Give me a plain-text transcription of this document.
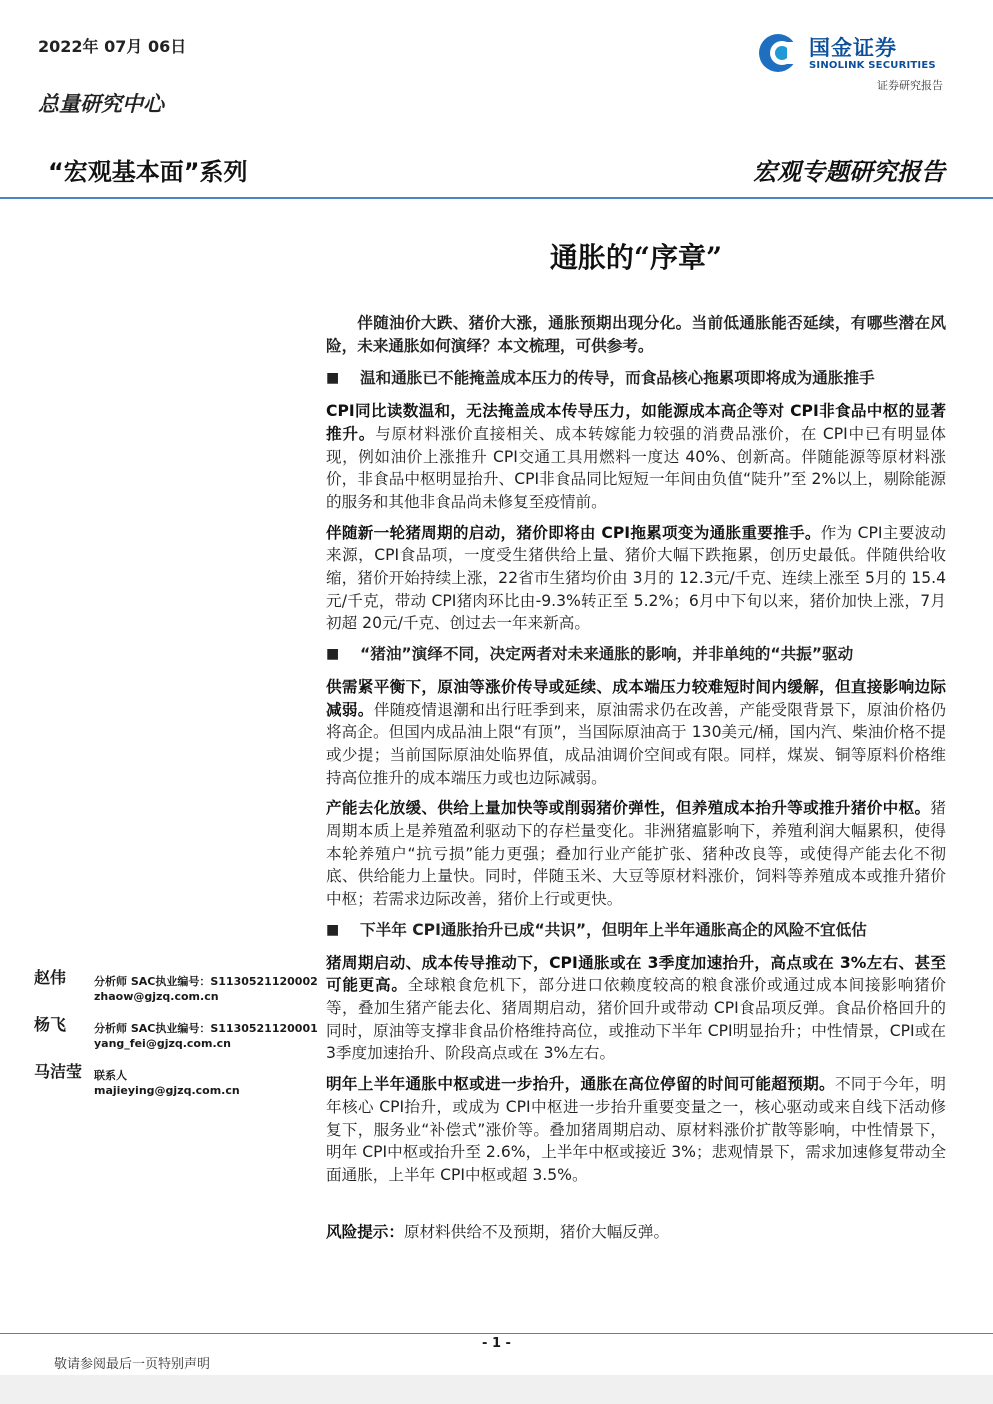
2022年 07月 06日
总量研究中心
“宏观基本面”系列	宏观专题研究报告
国金证券
SINOLINK SECURITIES
证券研究报告
通胀的“序章”

伴随油价大跌、猪价大涨，通胀预期出现分化。当前低通胀能否延续，有哪些潜在风险，未来通胀如何演绎？本文梳理，可供参考。

■	温和通胀已不能掩盖成本压力的传导，而食品核心拖累项即将成为通胀推手

CPI同比读数温和，无法掩盖成本传导压力，如能源成本高企等对 CPI非食品中枢的显著推升。与原材料涨价直接相关、成本转嫁能力较强的消费品涨价，在 CPI中已有明显体现，例如油价上涨推升 CPI交通工具用燃料一度达 40%、创新高。伴随能源等原材料涨价，非食品中枢明显抬升、CPI非食品同比短短一年间由负值“陡升”至 2%以上，剔除能源的服务和其他非食品尚未修复至疫情前。

伴随新一轮猪周期的启动，猪价即将由 CPI拖累项变为通胀重要推手。作为 CPI主要波动来源，CPI食品项，一度受生猪供给上量、猪价大幅下跌拖累，创历史最低。伴随供给收缩，猪价开始持续上涨，22省市生猪均价由 3月的 12.3元/千克、连续上涨至 5月的 15.4元/千克，带动 CPI猪肉环比由-9.3%转正至 5.2%；6月中下旬以来，猪价加快上涨，7月初超 20元/千克、创过去一年来新高。

■	“猪油”演绎不同，决定两者对未来通胀的影响，并非单纯的“共振”驱动

供需紧平衡下，原油等涨价传导或延续、成本端压力较难短时间内缓解，但直接影响边际减弱。伴随疫情退潮和出行旺季到来，原油需求仍在改善，产能受限背景下，原油价格仍将高企。但国内成品油上限“有顶”，当国际原油高于 130美元/桶，国内汽、柴油价格不提或少提；当前国际原油处临界值，成品油调价空间或有限。同样，煤炭、铜等原料价格维持高位推升的成本端压力或也边际减弱。

产能去化放缓、供给上量加快等或削弱猪价弹性，但养殖成本抬升等或推升猪价中枢。猪周期本质上是养殖盈利驱动下的存栏量变化。非洲猪瘟影响下，养殖利润大幅累积，使得本轮养殖户“抗亏损”能力更强；叠加行业产能扩张、猪种改良等，或使得产能去化不彻底、供给能力上量快。同时，伴随玉米、大豆等原材料涨价，饲料等养殖成本或推升猪价中枢；若需求边际改善，猪价上行或更快。

■	下半年 CPI通胀抬升已成“共识”，但明年上半年通胀高企的风险不宜低估

猪周期启动、成本传导推动下，CPI通胀或在 3季度加速抬升，高点或在 3%左右、甚至可能更高。全球粮食危机下，部分进口依赖度较高的粮食涨价或通过成本间接影响猪价等，叠加生猪产能去化、猪周期启动，猪价回升或带动 CPI食品项反弹。食品价格回升的同时，原油等支撑非食品价格维持高位，或推动下半年 CPI明显抬升；中性情景，CPI或在 3季度加速抬升、阶段高点或在 3%左右。

明年上半年通胀中枢或进一步抬升，通胀在高位停留的时间可能超预期。不同于今年，明年核心 CPI抬升，或成为 CPI中枢进一步抬升重要变量之一，核心驱动或来自线下活动修复下，服务业“补偿式”涨价等。叠加猪周期启动、原材料涨价扩散等影响，中性情景下，明年 CPI中枢或抬升至 2.6%，上半年中枢或接近 3%；悲观情景下，需求加速修复带动全面通胀，上半年 CPI中枢或超 3.5%。

风险提示：原材料供给不及预期，猪价大幅反弹。

赵伟	分析师 SAC执业编号：S1130521120002
zhaow@gjzq.com.cn
杨飞	分析师 SAC执业编号：S1130521120001
yang_fei@gjzq.com.cn
马洁莹 联系人
majieying@gjzq.com.cn
- 1 -
敬请参阅最后一页特别声明
